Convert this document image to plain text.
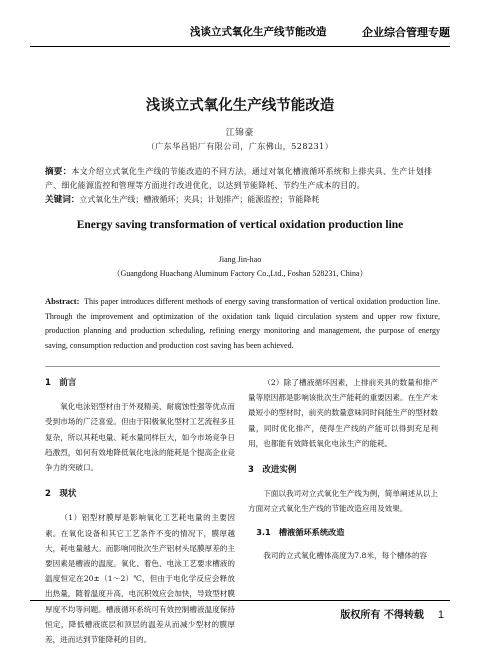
浅谈立式氧化生产线节能改造	企业综合管理专题
浅谈立式氧化生产线节能改造
江锦豪
（广东华昌铝厂有限公司，广东佛山，528231）
摘要：本文介绍立式氧化生产线的节能改造的不同方法，通过对氧化槽液循环系统和上排夹具、生产计划排产、细化能源监控和管理等方面进行改进优化，以达到节能降耗、节约生产成本的目的。
关键词：立式氧化生产线；槽液循环；夹具；计划排产；能源监控；节能降耗
Energy saving transformation of vertical oxidation production line
Jiang Jin-hao
（Guangdong Huachang Aluminum Factory Co.,Ltd., Foshan 528231, China）
Abstract: This paper introduces different methods of energy saving transformation of vertical oxidation production line. Through the improvement and optimization of the oxidation tank liquid circulation system and upper row fixture, production planning and production scheduling, refining energy monitoring and management, the purpose of energy saving, consumption reduction and production cost saving has been achieved.

1　前言

氧化电泳铝型材由于外观精美、耐腐蚀性强等优点而受到市场的广泛喜爱。但由于阳极氧化型材工艺流程多且复杂，所以其耗电量、耗水量同样巨大，如今市场竞争日趋激烈，如何有效地降低氧化电泳的能耗是个提高企业竞争力的突破口。

2　现状

（1）铝型材膜厚是影响氧化工艺耗电量的主要因素。在氧化设备和其它工艺条件不变的情况下，膜厚越大，耗电量越大。而影响同批次生产铝材头尾膜厚差的主要因素是槽液的温度。氧化、着色、电泳工艺要求槽液的温度恒定在20±（1～2）℃，但由于电化学反应会释放出热量，随着温度升高，电沉积效应会加快，导致型材膜厚度不均等问题。槽液循环系统可有效控制槽液温度保持恒定，降低槽液底层和顶层的温差从而减少型材的膜厚差，进而达到节能降耗的目的。

（2）除了槽液循环因素，上排前夹具的数量和排产量等原因都是影响该批次生产能耗的重要因素。在生产未最短小的型材时，前夹的数量意味同时间能生产的型材数量，同时优化排产，使得生产线的产能可以得到充足利用，也都能有效降低氧化电泳生产的能耗。

3　改进实例

下面以我司对立式氧化生产线为例，简单阐述从以上方面对立式氧化生产线的节能改造应用及效果。

3.1　槽液循环系统改造

我司的立式氧化槽体高度为7.8米，每个槽体的容

版权所有 不得转载 1
